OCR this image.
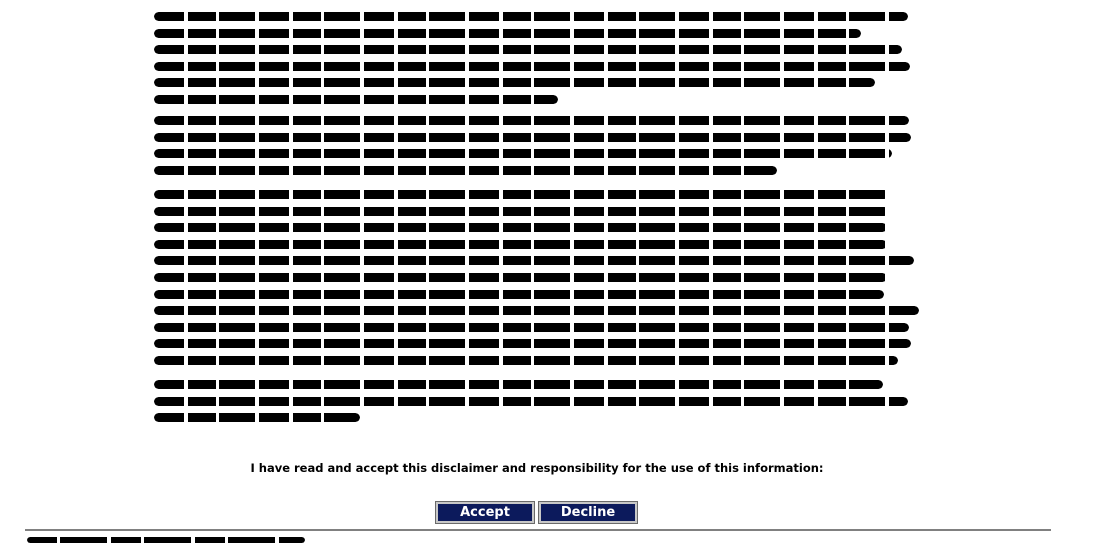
I have read and accept this disclaimer and responsibility for the use of this information:
Accept	Decline
